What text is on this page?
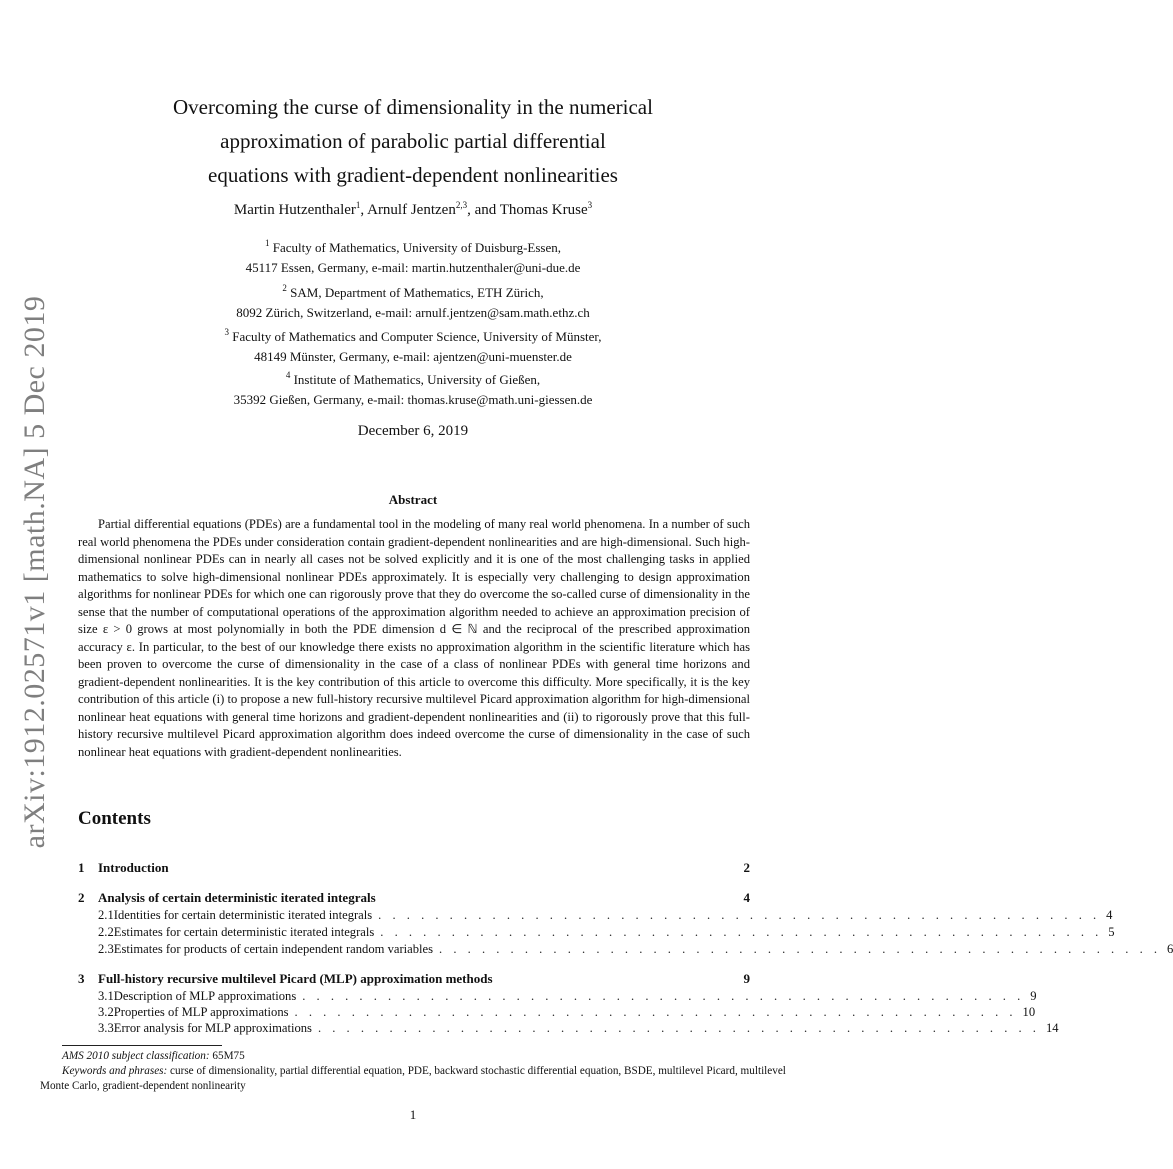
arXiv:1912.02571v1 [math.NA] 5 Dec 2019
Overcoming the curse of dimensionality in the numerical
approximation of parabolic partial differential
equations with gradient-dependent nonlinearities
Martin Hutzenthaler$^1$, Arnulf Jentzen$^{2,3}$, and Thomas Kruse$^3$
$^1$ Faculty of Mathematics, University of Duisburg-Essen,
45117 Essen, Germany, e-mail: martin.hutzenthaler@uni-due.de
$^2$ SAM, Department of Mathematics, ETH Zürich,
8092 Zürich, Switzerland, e-mail: arnulf.jentzen@sam.math.ethz.ch
$^3$ Faculty of Mathematics and Computer Science, University of Münster,
48149 Münster, Germany, e-mail: ajentzen@uni-muenster.de
$^4$ Institute of Mathematics, University of Gießen,
35392 Gießen, Germany, e-mail: thomas.kruse@math.uni-giessen.de
December 6, 2019
Abstract

Partial differential equations (PDEs) are a fundamental tool in the modeling of many real world phenomena. In a number of such real world phenomena the PDEs under consideration contain gradient-dependent nonlinearities and are high-dimensional. Such high-dimensional nonlinear PDEs can in nearly all cases not be solved explicitly and it is one of the most challenging tasks in applied mathematics to solve high-dimensional nonlinear PDEs approximately. It is especially very challenging to design approximation algorithms for nonlinear PDEs for which one can rigorously prove that they do overcome the so-called curse of dimensionality in the sense that the number of computational operations of the approximation algorithm needed to achieve an approximation precision of size ε > 0 grows at most polynomially in both the PDE dimension d ∈ ℕ and the reciprocal of the prescribed approximation accuracy ε. In particular, to the best of our knowledge there exists no approximation algorithm in the scientific literature which has been proven to overcome the curse of dimensionality in the case of a class of nonlinear PDEs with general time horizons and gradient-dependent nonlinearities. It is the key contribution of this article to overcome this difficulty. More specifically, it is the key contribution of this article (i) to propose a new full-history recursive multilevel Picard approximation algorithm for high-dimensional nonlinear heat equations with general time horizons and gradient-dependent nonlinearities and (ii) to rigorously prove that this full-history recursive multilevel Picard approximation algorithm does indeed overcome the curse of dimensionality in the case of such nonlinear heat equations with gradient-dependent nonlinearities.

Contents
1	Introduction	2
2	Analysis of certain deterministic iterated integrals	4
2.1 Identities for certain deterministic iterated integrals . . . . . . . . . . . . . . . . . . . . . . . . . . . . . . . . . . . . . . . . . . . . . . . . . . . 4
2.2 Estimates for certain deterministic iterated integrals . . . . . . . . . . . . . . . . . . . . . . . . . . . . . . . . . . . . . . . . . . . . . . . . . . . 5
2.3 Estimates for products of certain independent random variables . . . . . . . . . . . . . . . . . . . . . . . . . . . . . . . . . . . . . . . . . . . . . . . . . . . 6
3	Full-history recursive multilevel Picard (MLP) approximation methods	9
3.1 Description of MLP approximations . . . . . . . . . . . . . . . . . . . . . . . . . . . . . . . . . . . . . . . . . . . . . . . . . . . 9
3.2 Properties of MLP approximations . . . . . . . . . . . . . . . . . . . . . . . . . . . . . . . . . . . . . . . . . . . . . . . . . . . 10
3.3 Error analysis for MLP approximations . . . . . . . . . . . . . . . . . . . . . . . . . . . . . . . . . . . . . . . . . . . . . . . . . . . 14

AMS 2010 subject classification: 65M75

Keywords and phrases: curse of dimensionality, partial differential equation, PDE, backward stochastic differential equation, BSDE, multilevel Picard, multilevel Monte Carlo, gradient-dependent nonlinearity

1
